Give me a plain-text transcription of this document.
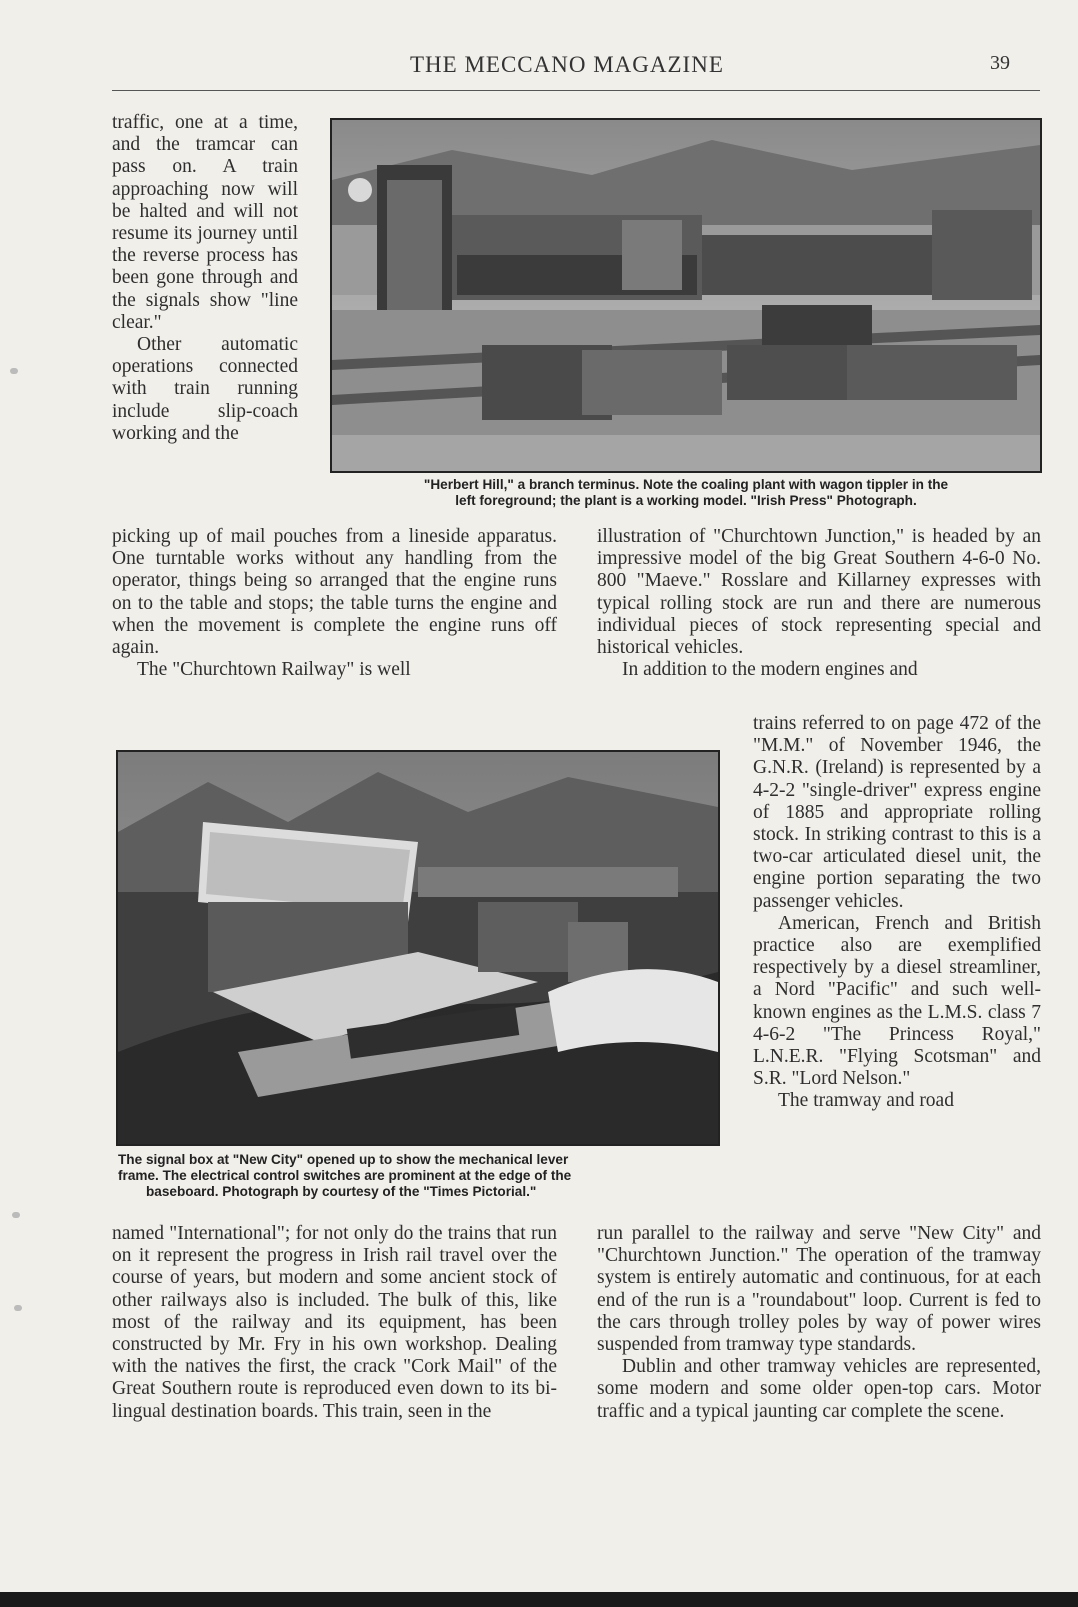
THE MECCANO MAGAZINE	39

traffic, one at a time, and the tramcar can pass on. A train approaching now will be halted and will not resume its journey until the reverse process has been gone through and the signals show "line clear."

Other automatic operations connected with train running include slip-coach working and the

"Herbert Hill," a branch terminus. Note the coaling plant with wagon tippler in the
left foreground; the plant is a working model. "Irish Press" Photograph.

picking up of mail pouches from a lineside apparatus. One turntable works without any handling from the operator, things being so arranged that the engine runs on to the table and stops; the table turns the engine and when the movement is complete the engine runs off again.

The "Churchtown Railway" is well

illustration of "Churchtown Junction," is headed by an impressive model of the big Great Southern 4-6-0 No. 800 "Maeve." Rosslare and Killarney expresses with typical rolling stock are run and there are numerous individual pieces of stock representing special and historical vehicles.

In addition to the modern engines and

The signal box at "New City" opened up to show the mechanical lever
frame. The electrical control switches are prominent at the edge of the
baseboard. Photograph by courtesy of the "Times Pictorial."

trains referred to on page 472 of the "M.M." of November 1946, the G.N.R. (Ireland) is represented by a 4-2-2 "single-driver" express engine of 1885 and appropriate rolling stock. In striking contrast to this is a two-car articulated diesel unit, the engine portion separating the two passenger vehicles.

American, French and British practice also are exemplified respectively by a diesel streamliner, a Nord "Pacific" and such well-known engines as the L.M.S. class 7 4-6-2 "The Princess Royal," L.N.E.R. "Flying Scotsman" and S.R. "Lord Nelson."

The tramway and road

named "International"; for not only do the trains that run on it represent the progress in Irish rail travel over the course of years, but modern and some ancient stock of other railways also is included. The bulk of this, like most of the railway and its equipment, has been constructed by Mr. Fry in his own workshop. Dealing with the natives the first, the crack "Cork Mail" of the Great Southern route is reproduced even down to its bi-lingual destination boards. This train, seen in the

run parallel to the railway and serve "New City" and "Churchtown Junction." The operation of the tramway system is entirely automatic and continuous, for at each end of the run is a "roundabout" loop. Current is fed to the cars through trolley poles by way of power wires suspended from tramway type standards.

Dublin and other tramway vehicles are represented, some modern and some older open-top cars. Motor traffic and a typical jaunting car complete the scene.
